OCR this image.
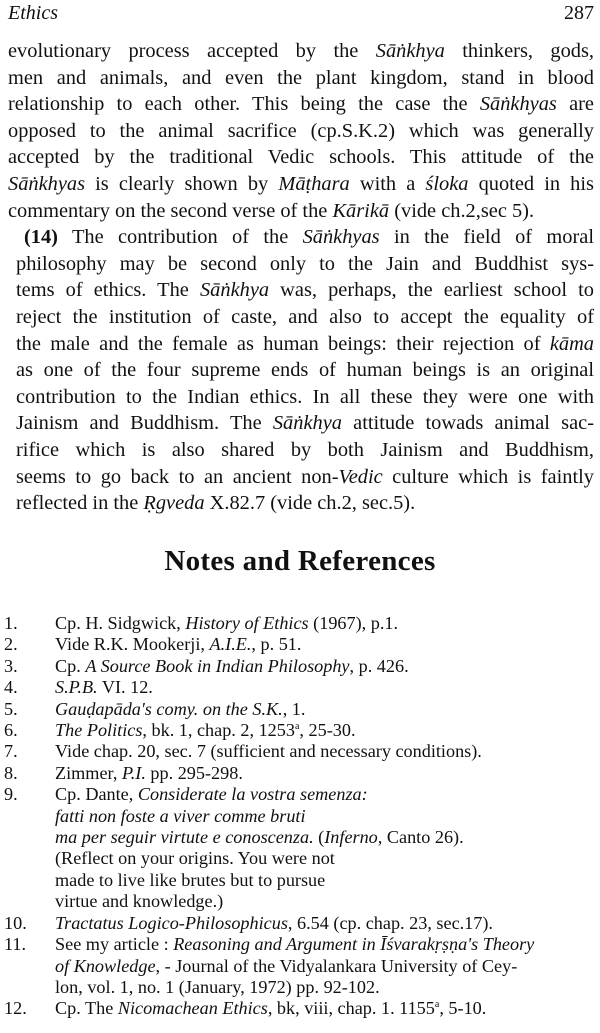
Ethics	287

evolutionary process accepted by the Sāṅkhya thinkers, gods,
men and animals, and even the plant kingdom, stand in blood
relationship to each other. This being the case the Sāṅkhyas are
opposed to the animal sacrifice (cp.S.K.2) which was generally
accepted by the traditional Vedic schools. This attitude of the
Sāṅkhyas is clearly shown by Māṭhara with a śloka quoted in his
commentary on the second verse of the Kārikā (vide ch.2,sec 5).

(14) The contribution of the Sāṅkhyas in the field of moral
philosophy may be second only to the Jain and Buddhist sys-
tems of ethics. The Sāṅkhya was, perhaps, the earliest school to
reject the institution of caste, and also to accept the equality of
the male and the female as human beings: their rejection of kāma
as one of the four supreme ends of human beings is an original
contribution to the Indian ethics. In all these they were one with
Jainism and Buddhism. The Sāṅkhya attitude towads animal sac-
rifice which is also shared by both Jainism and Buddhism,
seems to go back to an ancient non-Vedic culture which is faintly
reflected in the Ṛgveda X.82.7 (vide ch.2, sec.5).

Notes and References
1.	Cp. H. Sidgwick, History of Ethics (1967), p.1.
2.	Vide R.K. Mookerji, A.I.E., p. 51.
3.	Cp. A Source Book in Indian Philosophy, p. 426.
4.	S.P.B. VI. 12.
5.	Gauḍapāda's comy. on the S.K., 1.
6.	The Politics, bk. 1, chap. 2, 1253$^a$, 25-30.
7.	Vide chap. 20, sec. 7 (sufficient and necessary conditions).
8.	Zimmer, P.I. pp. 295-298.
9.	Cp. Dante, Considerate la vostra semenza:
fatti non foste a viver comme bruti
ma per seguir virtute e conoscenza. (Inferno, Canto 26).
(Reflect on your origins. You were not
made to live like brutes but to pursue
virtue and knowledge.)
10.	Tractatus Logico-Philosophicus, 6.54 (cp. chap. 23, sec.17).
11.	See my article : Reasoning and Argument in Īśvarakṛṣṇa's Theory
of Knowledge, - Journal of the Vidyalankara University of Cey-
lon, vol. 1, no. 1 (January, 1972) pp. 92-102.
12.	Cp. The Nicomachean Ethics, bk, viii, chap. 1. 1155$^a$, 5-10.
